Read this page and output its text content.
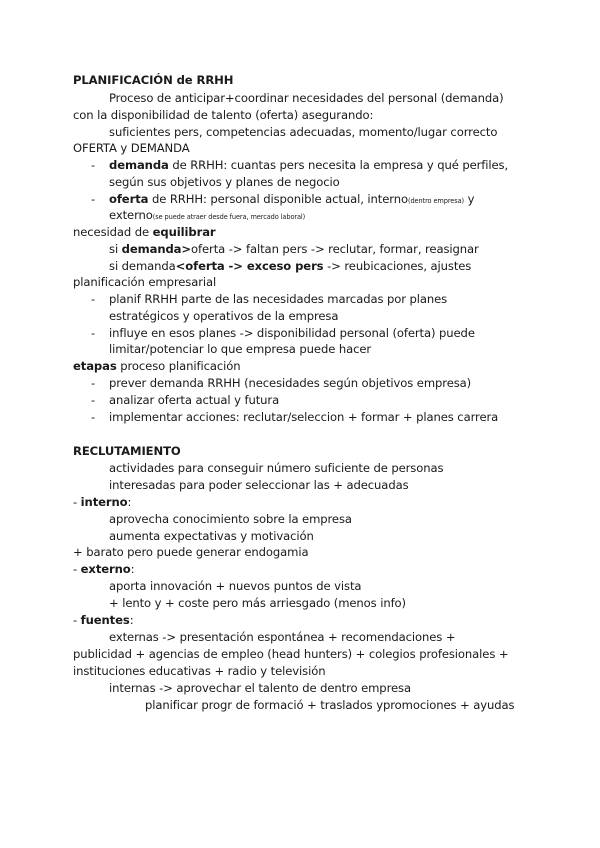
PLANIFICACIÓN de RRHH
Proceso de anticipar+coordinar necesidades del personal (demanda)
con la disponibilidad de talento (oferta) asegurando:
suficientes pers, competencias adecuadas, momento/lugar correcto
OFERTA y DEMANDA
-	demanda de RRHH: cuantas pers necesita la empresa y qué perfiles,
según sus objetivos y planes de negocio
-	oferta de RRHH: personal disponible actual, interno(dentro empresa) y
externo(se puede atraer desde fuera, mercado laboral)
necesidad de equilibrar
si demanda>oferta -> faltan pers -> reclutar, formar, reasignar
si demanda<oferta -> exceso pers -> reubicaciones, ajustes
planificación empresarial
-	planif RRHH parte de las necesidades marcadas por planes
estratégicos y operativos de la empresa
-	influye en esos planes -> disponibilidad personal (oferta) puede
limitar/potenciar lo que empresa puede hacer
etapas proceso planificación
-	prever demanda RRHH (necesidades según objetivos empresa)
-	analizar oferta actual y futura
-	implementar acciones: reclutar/seleccion + formar + planes carrera
RECLUTAMIENTO
actividades para conseguir número suficiente de personas
interesadas para poder seleccionar las + adecuadas
- interno:
aprovecha conocimiento sobre la empresa
aumenta expectativas y motivación
+ barato pero puede generar endogamia
- externo:
aporta innovación + nuevos puntos de vista
+ lento y + coste pero más arriesgado (menos info)
- fuentes:
externas -> presentación espontánea + recomendaciones +
publicidad + agencias de empleo (head hunters) + colegios profesionales +
instituciones educativas + radio y televisión
internas -> aprovechar el talento de dentro empresa
planificar progr de formació + traslados ypromociones + ayudas
